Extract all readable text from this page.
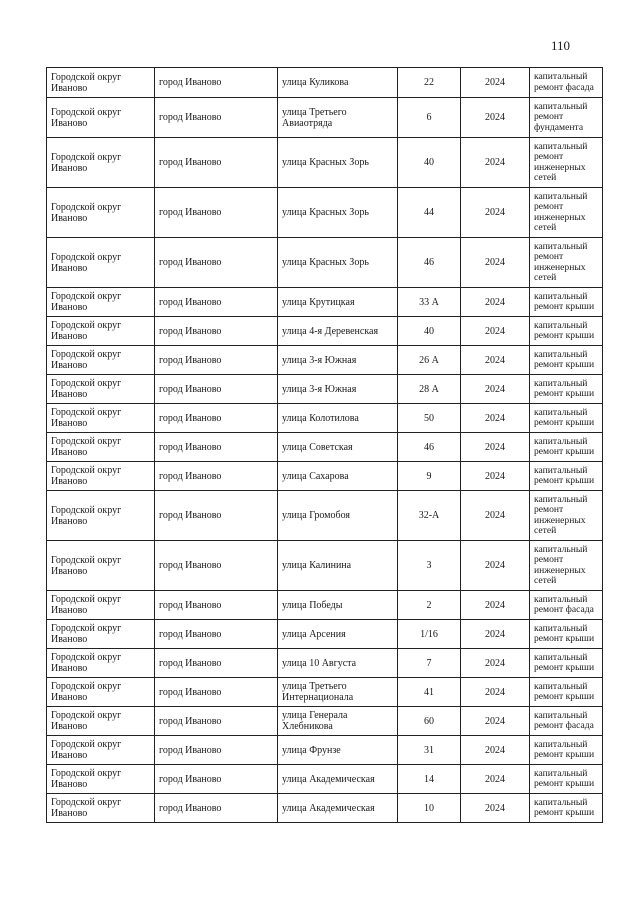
110
Городской округ Иваново	город Иваново	улица Куликова	22	2024	капитальный ремонт фасада
Городской округ Иваново	город Иваново	улица Третьего Авиаотряда	6	2024	капитальный ремонт фундамента
Городской округ Иваново	город Иваново	улица Красных Зорь	40	2024	капитальный ремонт инженерных сетей
Городской округ Иваново	город Иваново	улица Красных Зорь	44	2024	капитальный ремонт инженерных сетей
Городской округ Иваново	город Иваново	улица Красных Зорь	46	2024	капитальный ремонт инженерных сетей
Городской округ Иваново	город Иваново	улица Крутицкая	33 А	2024	капитальный ремонт крыши
Городской округ Иваново	город Иваново	улица 4-я Деревенская	40	2024	капитальный ремонт крыши
Городской округ Иваново	город Иваново	улица 3-я Южная	26 А	2024	капитальный ремонт крыши
Городской округ Иваново	город Иваново	улица 3-я Южная	28 А	2024	капитальный ремонт крыши
Городской округ Иваново	город Иваново	улица Колотилова	50	2024	капитальный ремонт крыши
Городской округ Иваново	город Иваново	улица Советская	46	2024	капитальный ремонт крыши
Городской округ Иваново	город Иваново	улица Сахарова	9	2024	капитальный ремонт крыши
Городской округ Иваново	город Иваново	улица Громобоя	32-А	2024	капитальный ремонт инженерных сетей
Городской округ Иваново	город Иваново	улица Калинина	3	2024	капитальный ремонт инженерных сетей
Городской округ Иваново	город Иваново	улица Победы	2	2024	капитальный ремонт фасада
Городской округ Иваново	город Иваново	улица Арсения	1/16	2024	капитальный ремонт крыши
Городской округ Иваново	город Иваново	улица 10 Августа	7	2024	капитальный ремонт крыши
Городской округ Иваново	город Иваново	улица Третьего Интернационала	41	2024	капитальный ремонт крыши
Городской округ Иваново	город Иваново	улица Генерала Хлебникова	60	2024	капитальный ремонт фасада
Городской округ Иваново	город Иваново	улица Фрунзе	31	2024	капитальный ремонт крыши
Городской округ Иваново	город Иваново	улица Академическая	14	2024	капитальный ремонт крыши
Городской округ Иваново	город Иваново	улица Академическая	10	2024	капитальный ремонт крыши
